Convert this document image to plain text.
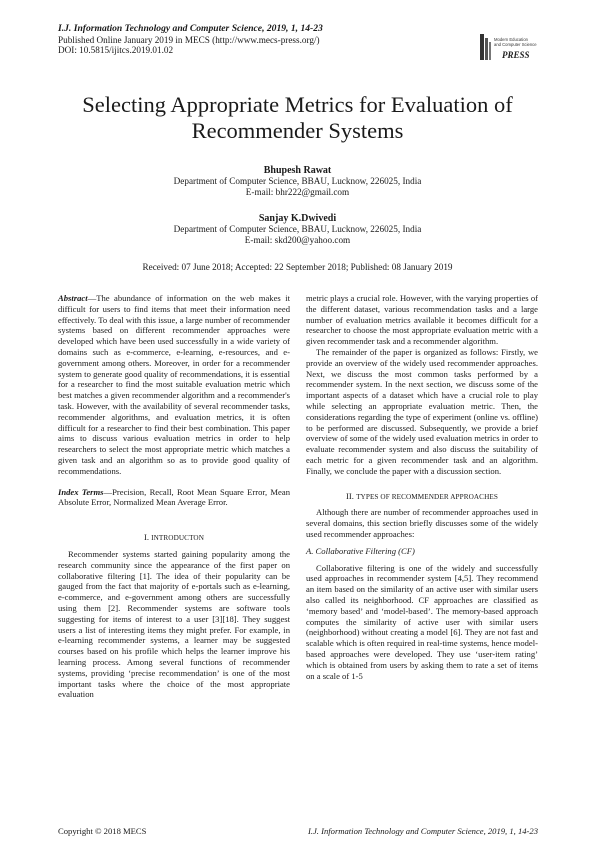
I.J. Information Technology and Computer Science, 2019, 1, 14-23
Published Online January 2019 in MECS (http://www.mecs-press.org/)
DOI: 10.5815/ijitcs.2019.01.02
Modern Education
and Computer Science
PRESS
Selecting Appropriate Metrics for Evaluation of
Recommender Systems
Bhupesh Rawat
Department of Computer Science, BBAU, Lucknow, 226025, India
E-mail: bhr222@gmail.com
Sanjay K.Dwivedi
Department of Computer Science, BBAU, Lucknow, 226025, India
E-mail: skd200@yahoo.com
Received: 07 June 2018; Accepted: 22 September 2018; Published: 08 January 2019

Abstract—The abundance of information on the web makes it difficult for users to find items that meet their information need effectively. To deal with this issue, a large number of recommender systems based on different recommender approaches were developed which have been used successfully in a wide variety of domains such as e-commerce, e-learning, e-resources, and e-government among others. Moreover, in order for a recommender system to generate good quality of recommendations, it is essential for a researcher to find the most suitable evaluation metric which best matches a given recommender algorithm and a recommender's task. However, with the availability of several recommender tasks, recommender algorithms, and evaluation metrics, it is often difficult for a researcher to find their best combination. This paper aims to discuss various evaluation metrics in order to help researchers to select the most appropriate metric which matches a given task and an algorithm so as to provide good quality of recommendations.

Index Terms—Precision, Recall, Root Mean Square Error, Mean Absolute Error, Normalized Mean Average Error.

I. INTRODUCTON

Recommender systems started gaining popularity among the research community since the appearance of the first paper on collaborative filtering [1]. The idea of their popularity can be gauged from the fact that majority of e-portals such as e-learning, e-commerce, and e-government among others are successfully using them [2]. Recommender systems are software tools suggesting for items of interest to a user [3][18]. They suggest users a list of interesting items they might prefer. For example, in e-learning recommender systems, a learner may be suggested courses based on his profile which helps the learner improve his learning process. Among several functions of recommender systems, providing ‘precise recommendation’ is one of the most important tasks where the choice of the most appropriate evaluation

metric plays a crucial role. However, with the varying properties of the different dataset, various recommendation tasks and a large number of evaluation metrics available it becomes difficult for a researcher to choose the most appropriate evaluation metric with a given recommender task and a recommender algorithm.

The remainder of the paper is organized as follows: Firstly, we provide an overview of the widely used recommender approaches. Next, we discuss the most common tasks performed by a recommender system. In the next section, we discuss some of the important aspects of a dataset which have a crucial role to play while selecting an appropriate evaluation metric. Then, the considerations regarding the type of experiment (online vs. offline) to be performed are discussed. Subsequently, we provide a brief overview of some of the widely used evaluation metrics in order to evaluate recommender system and also discuss the suitability of each metric for a given recommender task and an algorithm. Finally, we conclude the paper with a discussion section.

II. TYPES OF RECOMMENDER APPROACHES

Although there are number of recommender approaches used in several domains, this section briefly discusses some of the widely used recommender approaches:

A. Collaborative Filtering (CF)

Collaborative filtering is one of the widely and successfully used approaches in recommender system [4,5]. They recommend an item based on the similarity of an active user with similar users also called its neighborhood. CF approaches are classified as ‘memory based’ and ‘model-based’. The memory-based approach computes the similarity of active user with similar users (neighborhood) without creating a model [6]. They are not fast and scalable which is often required in real-time systems, hence model-based approaches were developed. They use ‘user-item rating’ which is obtained from users by asking them to rate a set of items on a scale of 1-5

Copyright © 2018 MECS	I.J. Information Technology and Computer Science, 2019, 1, 14-23
